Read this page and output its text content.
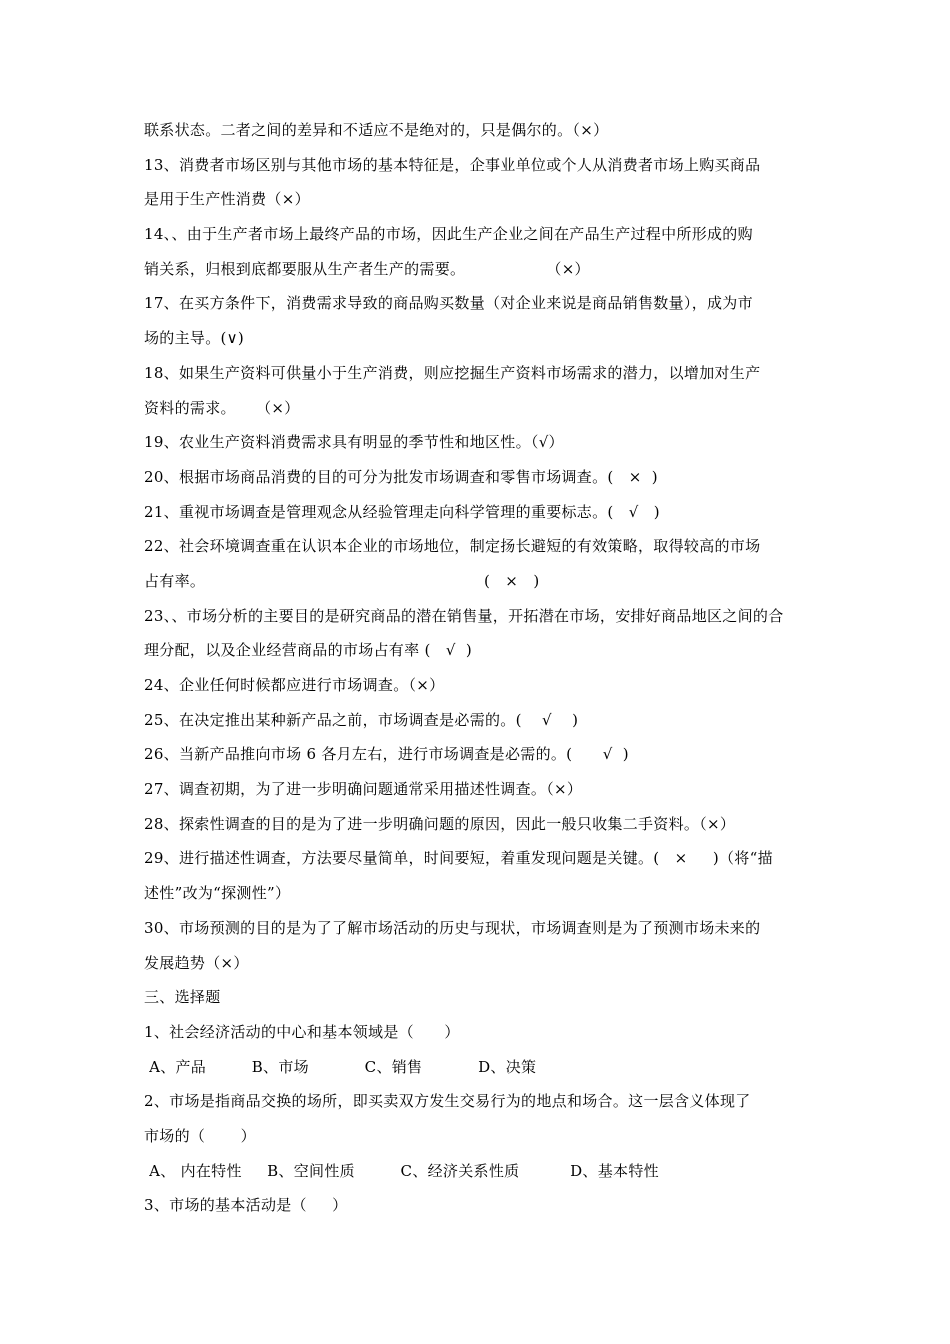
联系状态。二者之间的差异和不适应不是绝对的，只是偶尔的。（×）
13、消费者市场区别与其他市场的基本特征是，企事业单位或个人从消费者市场上购买商品
是用于生产性消费（×）
14、、由于生产者市场上最终产品的市场，因此生产企业之间在产品生产过程中所形成的购
销关系，归根到底都要服从生产者生产的需要。                （×）
17、在买方条件下，消费需求导致的商品购买数量（对企业来说是商品销售数量），成为市
场的主导。(∨)
18、如果生产资料可供量小于生产消费，则应挖掘生产资料市场需求的潜力，以增加对生产
资料的需求。    （×）
19、农业生产资料消费需求具有明显的季节性和地区性。（√）
20、根据市场商品消费的目的可分为批发市场调查和零售市场调查。(   ×  )
21、重视市场调查是管理观念从经验管理走向科学管理的重要标志。(   √   )
22、社会环境调查重在认识本企业的市场地位，制定扬长避短的有效策略，取得较高的市场
占有率。                                                       (   ×   )
23、、市场分析的主要目的是研究商品的潜在销售量，开拓潜在市场，安排好商品地区之间的合
理分配，以及企业经营商品的市场占有率 (   √  )
24、企业任何时候都应进行市场调查。（×）
25、在决定推出某种新产品之前，市场调查是必需的。(    √    )
26、当新产品推向市场 6 各月左右，进行市场调查是必需的。(      √  )
27、调查初期，为了进一步明确问题通常采用描述性调查。（×）
28、探索性调查的目的是为了进一步明确问题的原因，因此一般只收集二手资料。（×）
29、进行描述性调查，方法要尽量简单，时间要短，着重发现问题是关键。(   ×     )（将“描
述性”改为“探测性”）
30、市场预测的目的是为了了解市场活动的历史与现状，市场调查则是为了预测市场未来的
发展趋势（×）
三、选择题
1、社会经济活动的中心和基本领域是（      ）
A、产品         B、市场           C、销售           D、决策
2、市场是指商品交换的场所，即买卖双方发生交易行为的地点和场合。这一层含义体现了
市场的（       ）
A、 内在特性     B、空间性质         C、经济关系性质          D、基本特性
3、市场的基本活动是（     ）
